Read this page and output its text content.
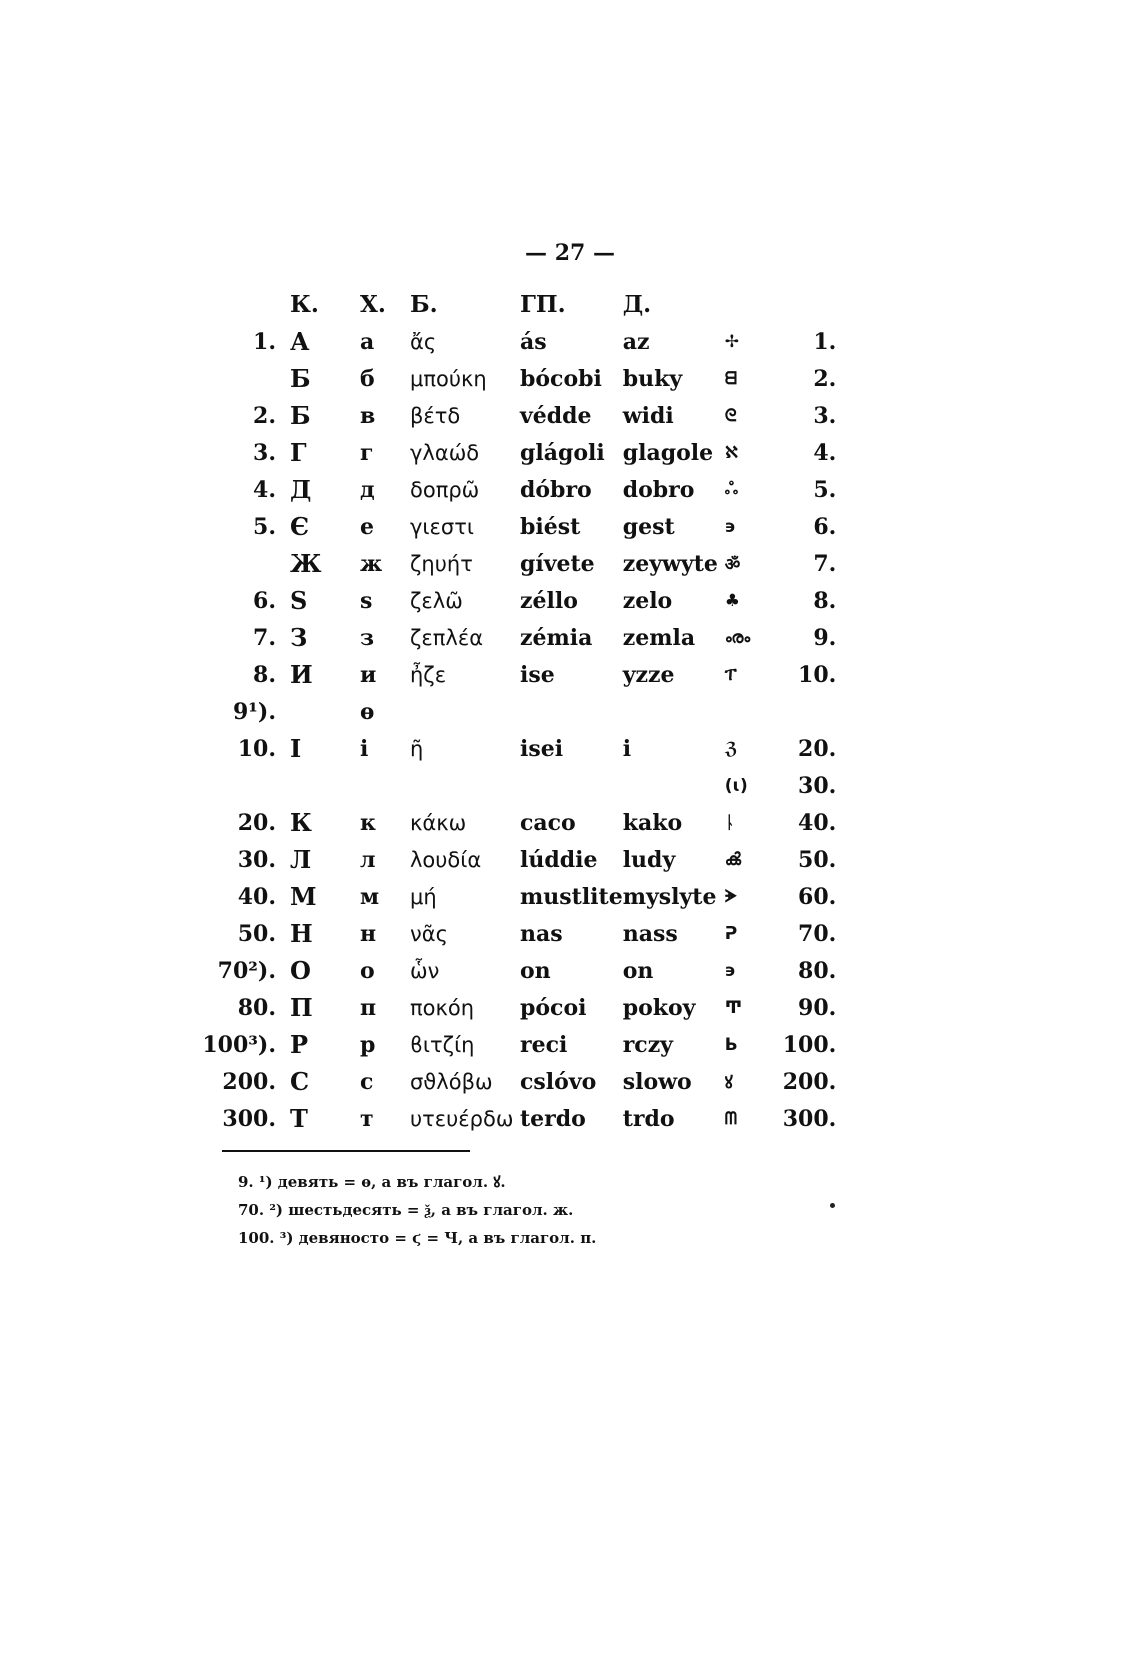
— 27 —
	К.	Х.	Б.	ГП.	Д.		
1.	А	а	ἄς	ás	az	✢	1.
	Б	б	μπούκη	bócobi	buky	ᗺ	2.
2.	Б	в	βέτδ	védde	widi	ᘓ	3.
3.	Г	г	γλαώδ	glágoli	glagole	ℵ	4.
4.	Д	д	δοπρῶ	dóbro	dobro	ஃ	5.
5.	Є	е	γιεστι	biést	gest	϶	6.
	Ж	ж	ζηυήτ	gívete	zeywyte	ॐ	7.
6.	Ѕ	s	ζελῶ	zéllo	zelo	♣	8.
7.	З	з	ζεπλέα	zémia	zemla	ൟ	9.
8.	И	и	ἦζε	ise	yzze	ፐ	10.
9¹).		ѳ					
10.	І	і	ῆ	isei	i	ℨ	20.
						(ꙇ)	30.
20.	К	к	κάκω	caco	kako	ᚿ	40.
30.	Л	л	λουδία	lúddie	ludy	ൿ	50.
40.	М	м	μή	mustlite	myslyte	ᗘ	60.
50.	Н	н	νᾶς	nas	nass	ᕈ	70.
70²).	О	о	ὧν	on	on	϶	80.
80.	П	п	ποκόη	pócoi	pokoy	Ͳ	90.
100³).	Р	р	ϐιτζίη	reci	rczy	Ь	100.
200.	С	с	σϑλόβω	cslóvo	slowo	ꙋ	200.
300.	Т	т	υτευέρδω	terdo	trdo	ᗰ	300.
9. ¹) девять = ѳ, а въ глагол. ꙋ.
70. ²) шестьдесять = ѯ, а въ глагол. ж.
100. ³) девяносто = ϛ = Ч, а въ глагол. п.
